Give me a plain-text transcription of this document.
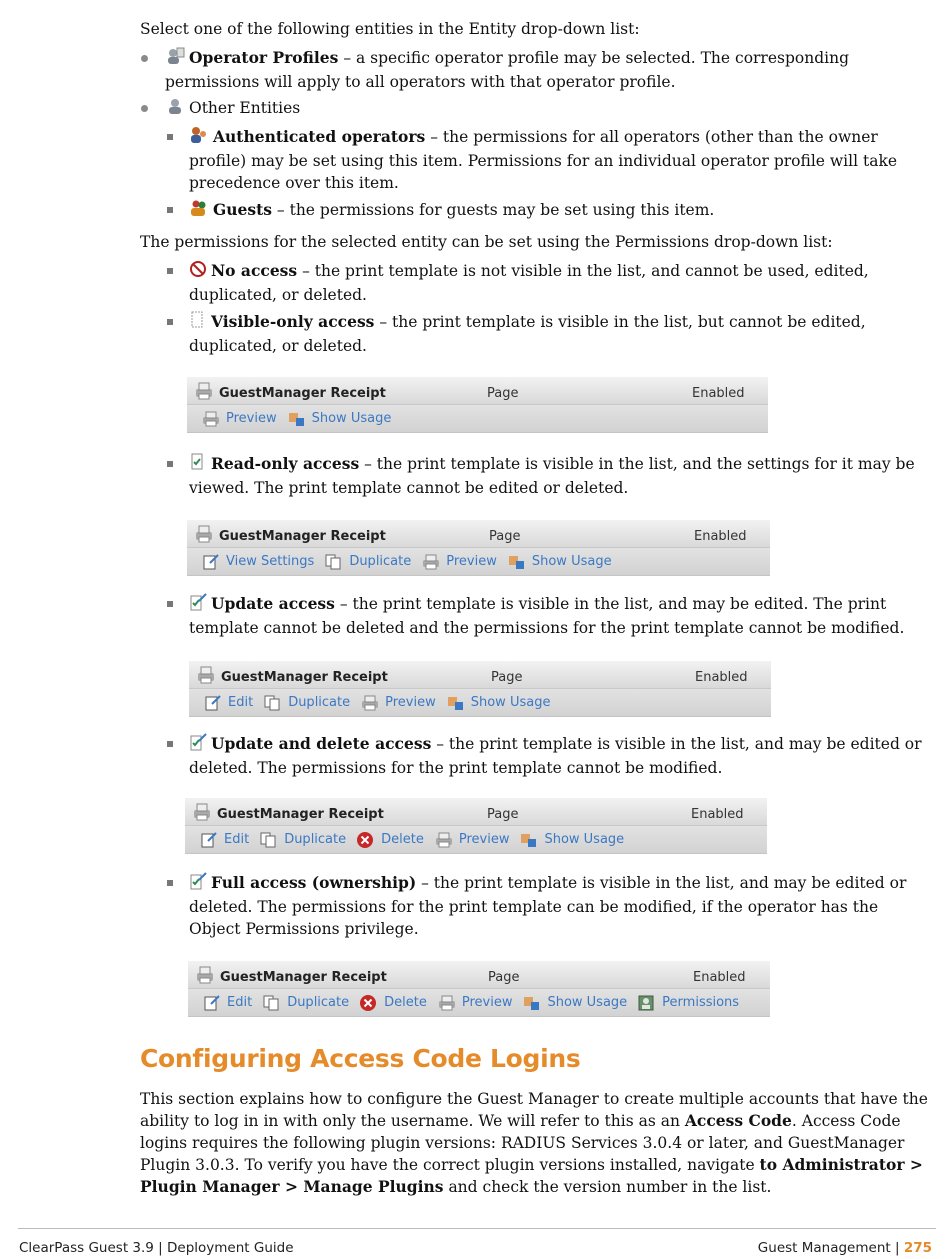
Select one of the following entities in the Entity drop-down list:
Operator Profiles – a specific operator profile may be selected. The corresponding permissions will apply to all operators with that operator profile.
Other Entities
Authenticated operators – the permissions for all operators (other than the owner profile) may be set using this item. Permissions for an individual operator profile will take precedence over this item.
Guests – the permissions for guests may be set using this item.
The permissions for the selected entity can be set using the Permissions drop-down list:
No access – the print template is not visible in the list, and cannot be used, edited, duplicated, or deleted.
Visible-only access – the print template is visible in the list, but cannot be edited, duplicated, or deleted.
GuestManager Receipt	Page	Enabled
Preview	Show Usage
Read-only access – the print template is visible in the list, and the settings for it may be viewed. The print template cannot be edited or deleted.
GuestManager Receipt	Page	Enabled
View Settings	Duplicate	Preview	Show Usage
Update access – the print template is visible in the list, and may be edited. The print template cannot be deleted and the permissions for the print template cannot be modified.
GuestManager Receipt	Page	Enabled
Edit	Duplicate	Preview	Show Usage
Update and delete access – the print template is visible in the list, and may be edited or deleted. The permissions for the print template cannot be modified.
GuestManager Receipt	Page	Enabled
Edit	Duplicate	Delete	Preview	Show Usage
Full access (ownership) – the print template is visible in the list, and may be edited or deleted. The permissions for the print template can be modified, if the operator has the Object Permissions privilege.
GuestManager Receipt	Page	Enabled
Edit	Duplicate	Delete	Preview	Show Usage	Permissions
Configuring Access Code Logins
This section explains how to configure the Guest Manager to create multiple accounts that have the ability to log in in with only the username. We will refer to this as an Access Code. Access Code logins requires the following plugin versions: RADIUS Services 3.0.4 or later, and GuestManager Plugin 3.0.3. To verify you have the correct plugin versions installed, navigate to Administrator > Plugin Manager > Manage Plugins and check the version number in the list.
ClearPass Guest 3.9 | Deployment Guide	Guest Management | 275
